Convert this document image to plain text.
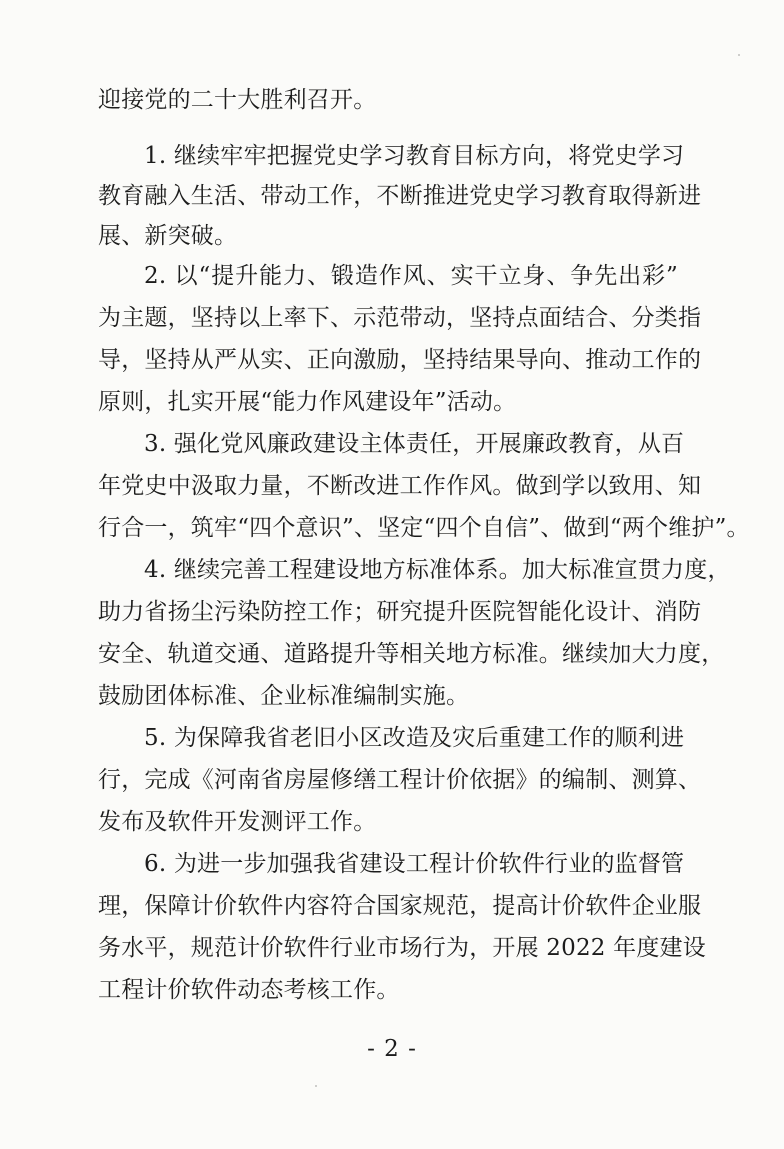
迎接党的二十大胜利召开。
1. 继续牢牢把握党史学习教育目标方向，将党史学习
教育融入生活、带动工作，不断推进党史学习教育取得新进
展、新突破。
2. 以“提升能力、锻造作风、实干立身、争先出彩”
为主题，坚持以上率下、示范带动，坚持点面结合、分类指
导，坚持从严从实、正向激励，坚持结果导向、推动工作的
原则，扎实开展“能力作风建设年”活动。
3. 强化党风廉政建设主体责任，开展廉政教育，从百
年党史中汲取力量，不断改进工作作风。做到学以致用、知
行合一，筑牢“四个意识”、坚定“四个自信”、做到“两个维护”。
4. 继续完善工程建设地方标准体系。加大标准宣贯力度，
助力省扬尘污染防控工作；研究提升医院智能化设计、消防
安全、轨道交通、道路提升等相关地方标准。继续加大力度，
鼓励团体标准、企业标准编制实施。
5. 为保障我省老旧小区改造及灾后重建工作的顺利进
行，完成《河南省房屋修缮工程计价依据》的编制、测算、
发布及软件开发测评工作。
6. 为进一步加强我省建设工程计价软件行业的监督管
理，保障计价软件内容符合国家规范，提高计价软件企业服
务水平，规范计价软件行业市场行为，开展 2022 年度建设
工程计价软件动态考核工作。
- 2 -
